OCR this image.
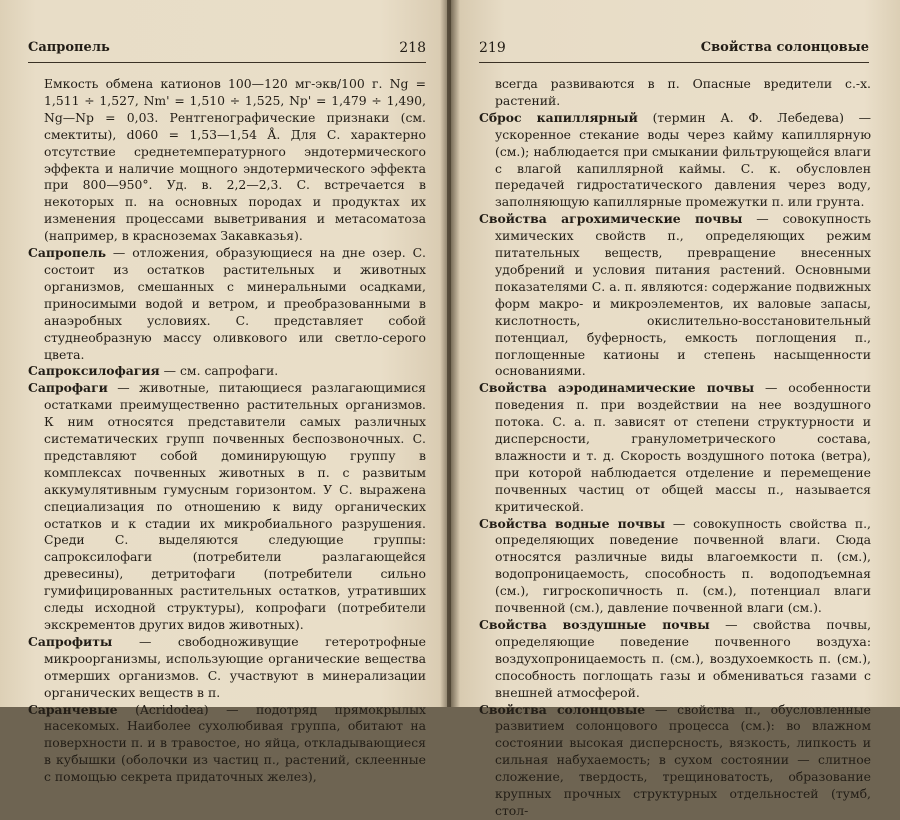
Сапропель	218

Емкость обмена катионов 100—120 мг-экв/100 г. Ng = 1,511 ÷ 1,527, Nm' = 1,510 ÷ 1,525, Np' = 1,479 ÷ 1,490, Ng—Np = 0,03. Рентгенографические признаки (см. смектиты), d060 = 1,53—1,54 Å. Для С. характерно отсутствие среднетемпературного эндотермического эффекта и наличие мощного эндотермического эффекта при 800—950°. Уд. в. 2,2—2,3. С. встречается в некоторых п. на основных породах и продуктах их изменения процессами выветривания и метасоматоза (например, в красноземах Закавказья).

Сапропель — отложения, образующиеся на дне озер. С. состоит из остатков растительных и животных организмов, смешанных с минеральными осадками, приносимыми водой и ветром, и преобразованными в анаэробных условиях. С. представляет собой студнеобразную массу оливкового или светло-серого цвета.

Сапроксилофагия — см. сапрофаги.

Сапрофаги — животные, питающиеся разлагающимися остатками преимущественно растительных организмов. К ним относятся представители самых различных систематических групп почвенных беспозвоночных. С. представляют собой доминирующую группу в комплексах почвенных животных в п. с развитым аккумулятивным гумусным горизонтом. У С. выражена специализация по отношению к виду органических остатков и к стадии их микробиального разрушения. Среди С. выделяются следующие группы: сапроксилофаги (потребители разлагающейся древесины), детритофаги (потребители сильно гумифицированных растительных остатков, утративших следы исходной структуры), копрофаги (потребители экскрементов других видов животных).

Сапрофиты — свободноживущие гетеротрофные микроорганизмы, использующие органические вещества отмерших организмов. С. участвуют в минерализации органических веществ в п.

Саранчевые (Acridodea) — подотряд прямокрылых насекомых. Наиболее сухолюбивая группа, обитают на поверхности п. и в травостое, но яйца, откладывающиеся в кубышки (оболочки из частиц п., растений, склеенные с помощью секрета придаточных желез),

219	Свойства солонцовые

всегда развиваются в п. Опасные вредители с.-х. растений.

Сброс капиллярный (термин А. Ф. Лебедева) — ускоренное стекание воды через кайму капиллярную (см.); наблюдается при смыкании фильтрующейся влаги с влагой капиллярной каймы. С. к. обусловлен передачей гидростатического давления через воду, заполняющую капиллярные промежутки п. или грунта.

Свойства агрохимические почвы — совокупность химических свойств п., определяющих режим питательных веществ, превращение внесенных удобрений и условия питания растений. Основными показателями С. а. п. являются: содержание подвижных форм макро- и микроэлементов, их валовые запасы, кислотность, окислительно-восстановительный потенциал, буферность, емкость поглощения п., поглощенные катионы и степень насыщенности основаниями.

Свойства аэродинамические почвы — особенности поведения п. при воздействии на нее воздушного потока. С. а. п. зависят от степени структурности и дисперсности, гранулометрического состава, влажности и т. д. Скорость воздушного потока (ветра), при которой наблюдается отделение и перемещение почвенных частиц от общей массы п., называется критической.

Свойства водные почвы — совокупность свойства п., определяющих поведение почвенной влаги. Сюда относятся различные виды влагоемкости п. (см.), водопроницаемость, способность п. водоподъемная (см.), гигроскопичность п. (см.), потенциал влаги почвенной (см.), давление почвенной влаги (см.).

Свойства воздушные почвы — свойства почвы, определяющие поведение почвенного воздуха: воздухопроницаемость п. (см.), воздухоемкость п. (см.), способность поглощать газы и обмениваться газами с внешней атмосферой.

Свойства солонцовые — свойства п., обусловленные развитием солонцового процесса (см.): во влажном состоянии высокая дисперсность, вязкость, липкость и сильная набухаемость; в сухом состоянии — слитное сложение, твердость, трещиноватость, образование крупных прочных структурных отдельностей (тумб, стол-
